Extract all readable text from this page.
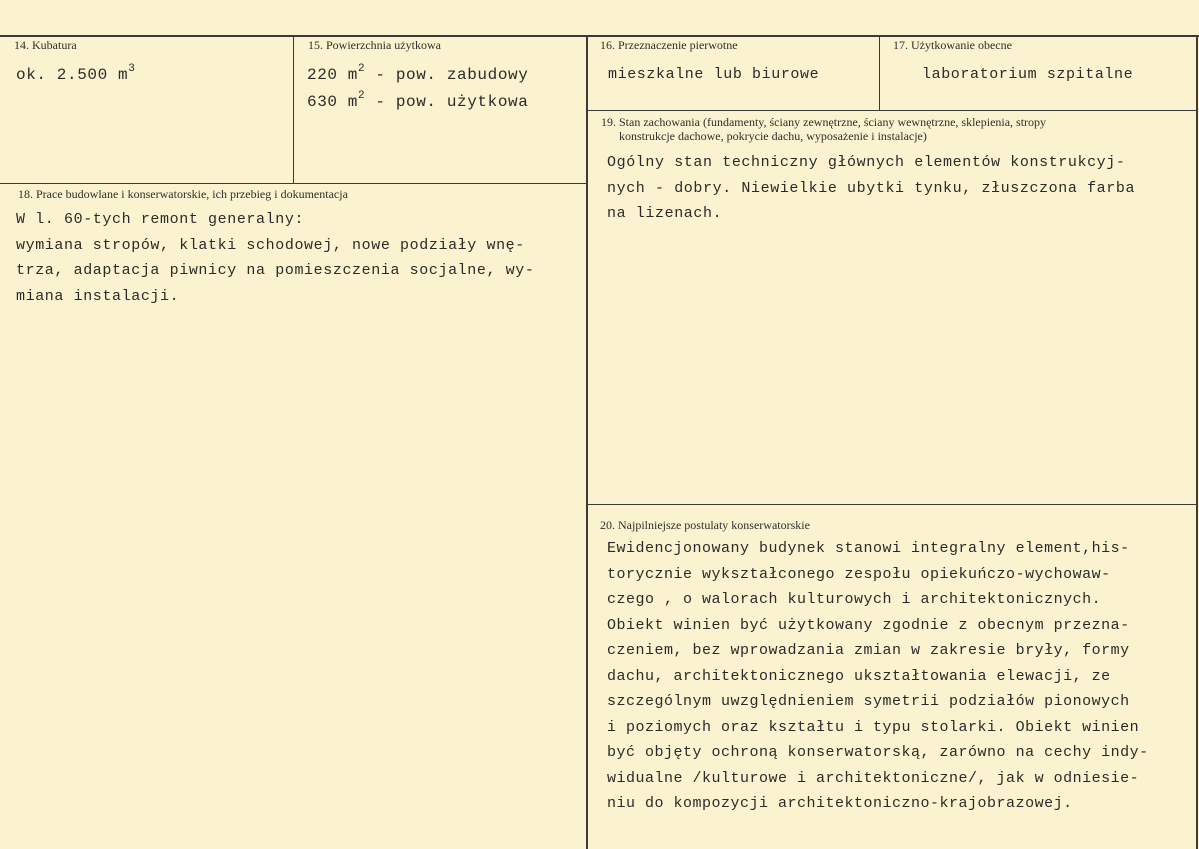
14. Kubatura
ok. 2.500 $m^3$
15. Powierzchnia użytkowa
220 $m^2$ - pow. zabudowy
630 $m^2$ - pow. użytkowa
16. Przeznaczenie pierwotne
mieszkalne lub biurowe
17. Użytkowanie obecne
laboratorium szpitalne
19. Stan zachowania (fundamenty, ściany zewnętrzne, ściany wewnętrzne, sklepienia, stropy
konstrukcje dachowe, pokrycie dachu, wyposażenie i instalacje)
Ogólny stan techniczny głównych elementów konstrukcyj-
nych - dobry. Niewielkie ubytki tynku, złuszczona farba
na lizenach.
18. Prace budowlane i konserwatorskie, ich przebieg i dokumentacja
W l. 60-tych remont generalny:
wymiana stropów, klatki schodowej, nowe podziały wnę-
trza, adaptacja piwnicy na pomieszczenia socjalne, wy-
miana instalacji.
20. Najpilniejsze postulaty konserwatorskie
Ewidencjonowany budynek stanowi integralny element,his-
torycznie wykształconego zespołu opiekuńczo-wychowaw-
czego , o walorach kulturowych i architektonicznych.
Obiekt winien być użytkowany zgodnie z obecnym przezna-
czeniem, bez wprowadzania zmian w zakresie bryły, formy
dachu, architektonicznego ukształtowania elewacji, ze
szczególnym uwzględnieniem symetrii podziałów pionowych
i poziomych oraz kształtu i typu stolarki. Obiekt winien
być objęty ochroną konserwatorską, zarówno na cechy indy-
widualne /kulturowe i architektoniczne/, jak w odniesie-
niu do kompozycji architektoniczno-krajobrazowej.
